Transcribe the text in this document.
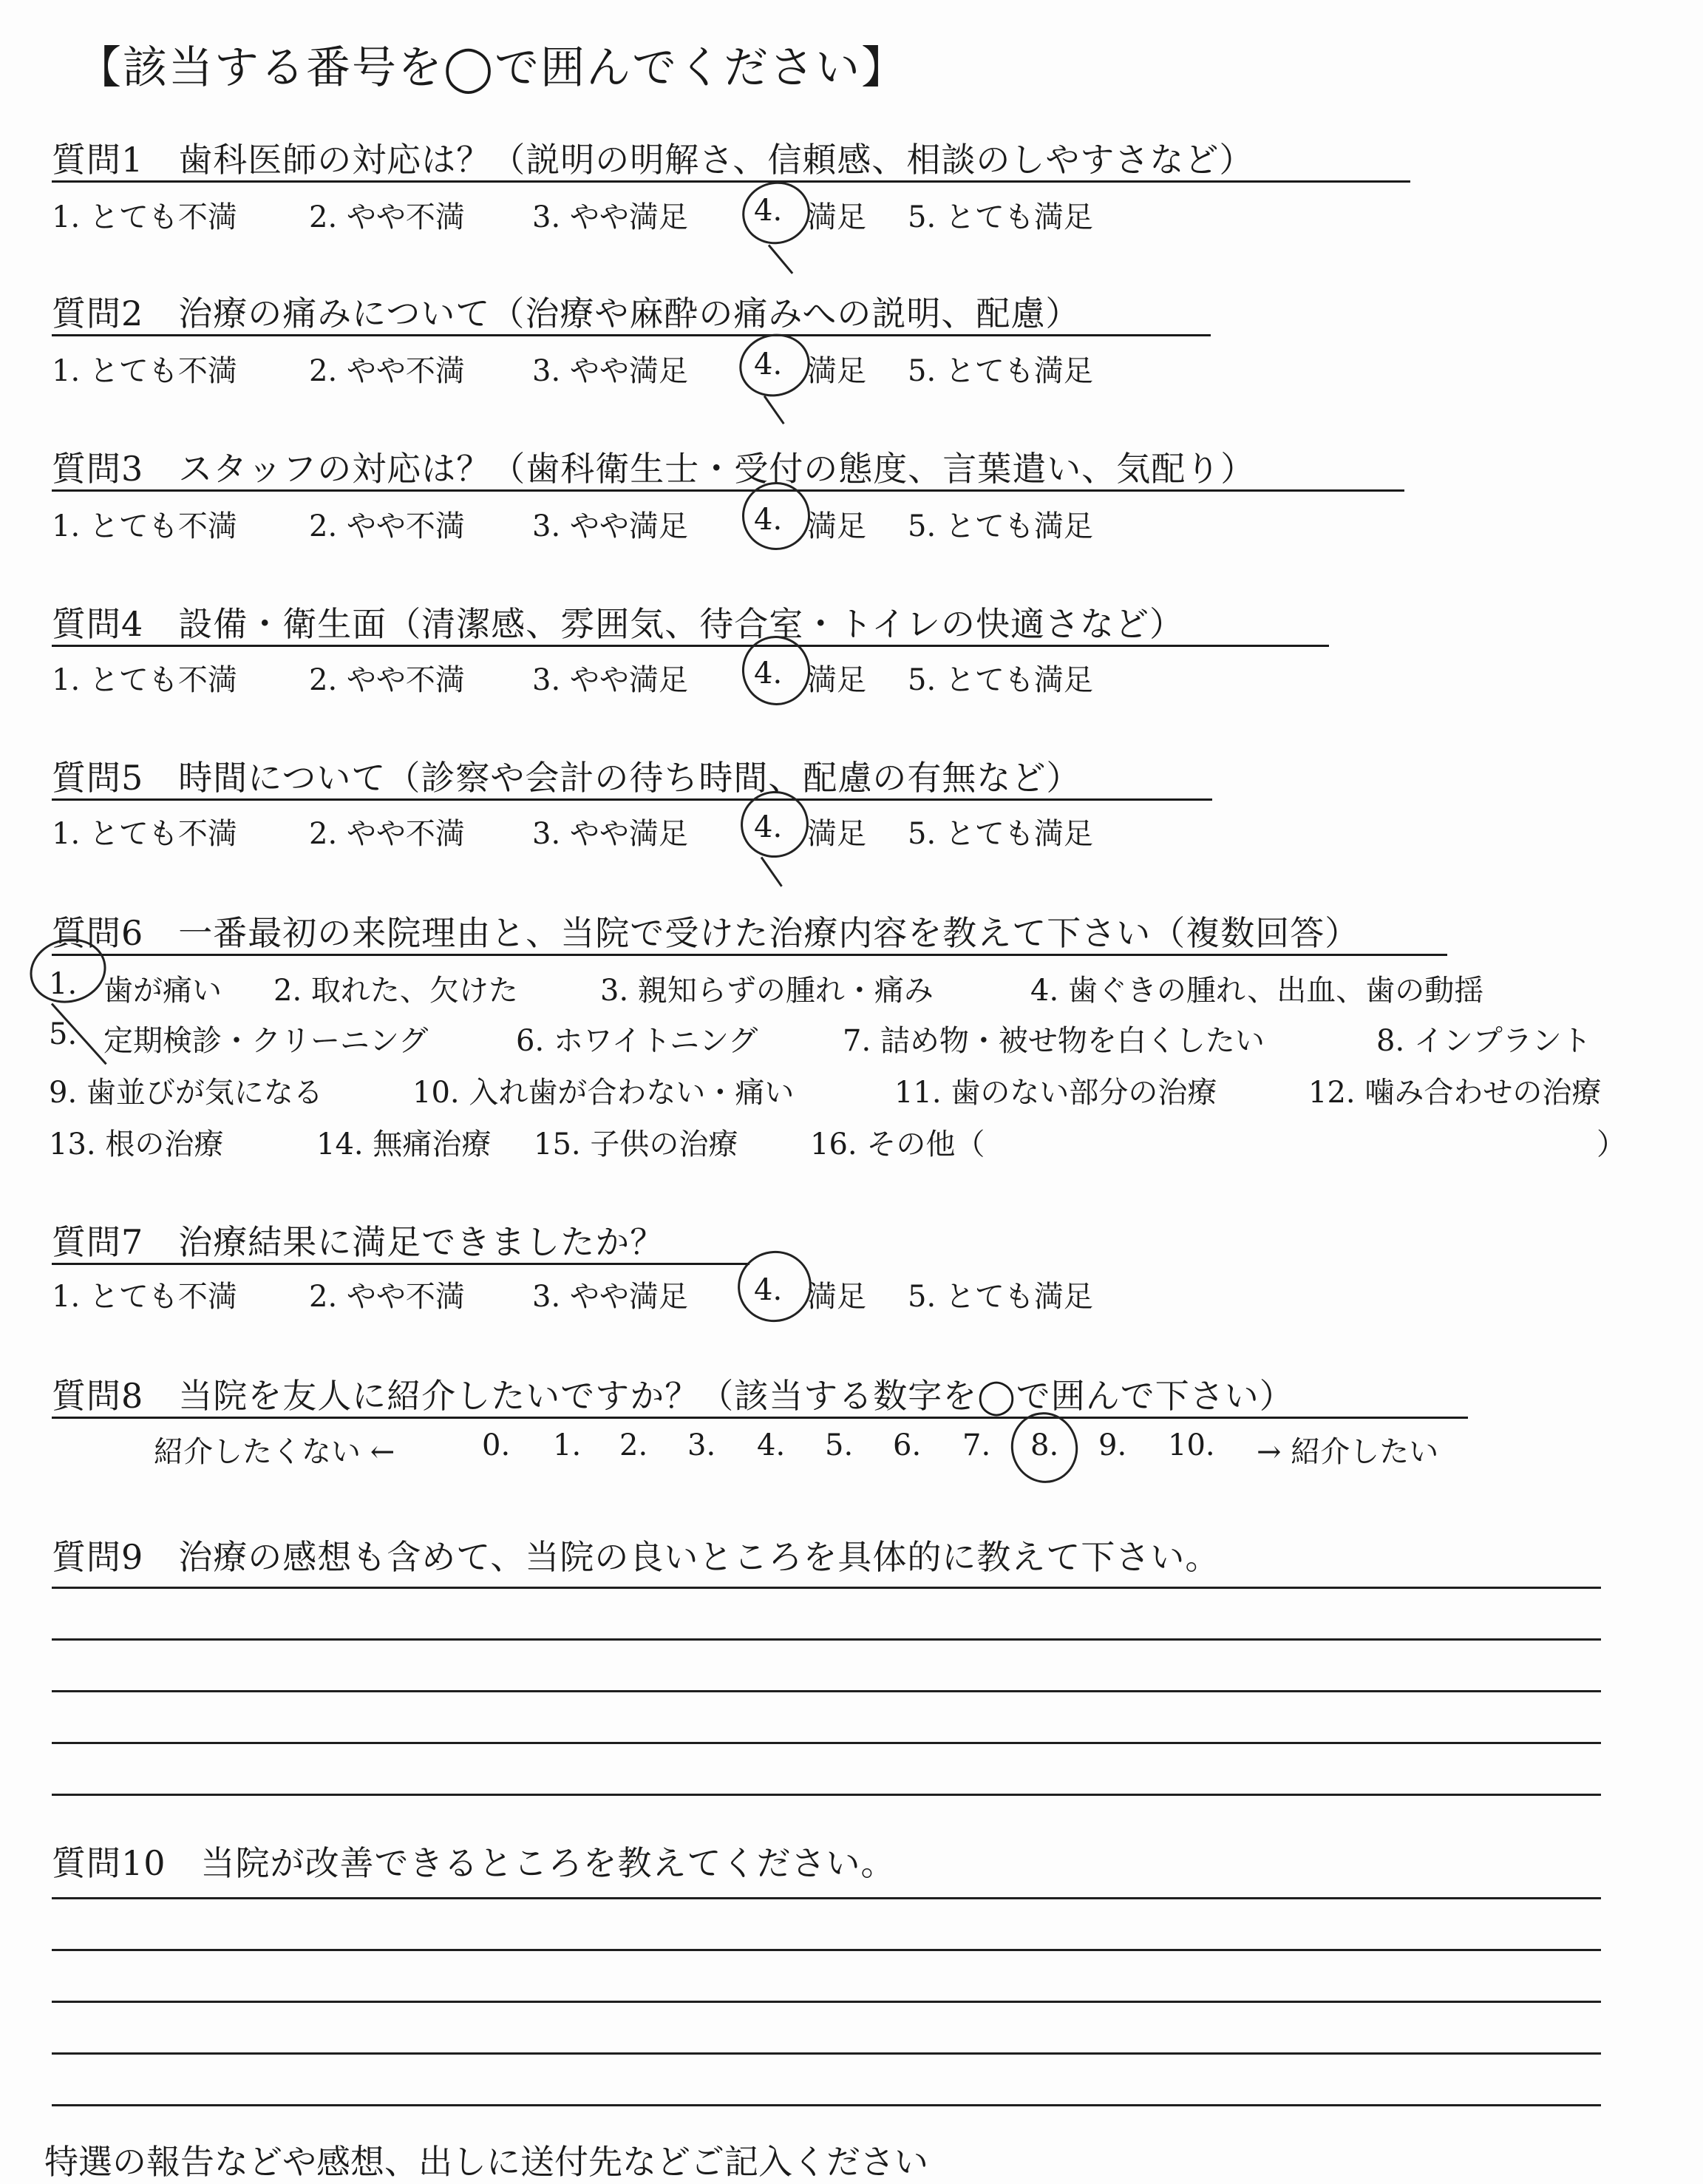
【該当する番号を◯で囲んでください】
質問1　歯科医師の対応は？（説明の明解さ、信頼感、相談のしやすさなど）
1. とても不満 2. やや不満 3. やや満足 4. 満足 5. とても満足
質問2　治療の痛みについて（治療や麻酔の痛みへの説明、配慮）
1. とても不満 2. やや不満 3. やや満足 4. 満足 5. とても満足
質問3　スタッフの対応は？（歯科衛生士・受付の態度、言葉遣い、気配り）
1. とても不満 2. やや不満 3. やや満足 4. 満足 5. とても満足
質問4　設備・衛生面（清潔感、雰囲気、待合室・トイレの快適さなど）
1. とても不満 2. やや不満 3. やや満足 4. 満足 5. とても満足
質問5　時間について（診察や会計の待ち時間、配慮の有無など）
1. とても不満 2. やや不満 3. やや満足 4. 満足 5. とても満足
質問6　一番最初の来院理由と、当院で受けた治療内容を教えて下さい（複数回答）
1. 歯が痛い 2. 取れた、欠けた	3. 親知らずの腫れ・痛み	4. 歯ぐきの腫れ、出血、歯の動揺
5. 定期検診・クリーニング	6. ホワイトニング	7. 詰め物・被せ物を白くしたい	8. インプラント
9. 歯並びが気になる	10. 入れ歯が合わない・痛い	11. 歯のない部分の治療	12. 噛み合わせの治療
13. 根の治療	14. 無痛治療 15. 子供の治療 16. その他（	）
質問7　治療結果に満足できましたか？
1. とても不満 2. やや不満 3. やや満足 4. 満足 5. とても満足
質問8　当院を友人に紹介したいですか？（該当する数字を◯で囲んで下さい）
紹介したくない ←	0. 1. 2. 3. 4. 5. 6. 7. 8. 9. 10. → 紹介したい
質問9　治療の感想も含めて、当院の良いところを具体的に教えて下さい。
質問10　当院が改善できるところを教えてください。
特選の報告などや感想、出しに送付先などご記入ください
